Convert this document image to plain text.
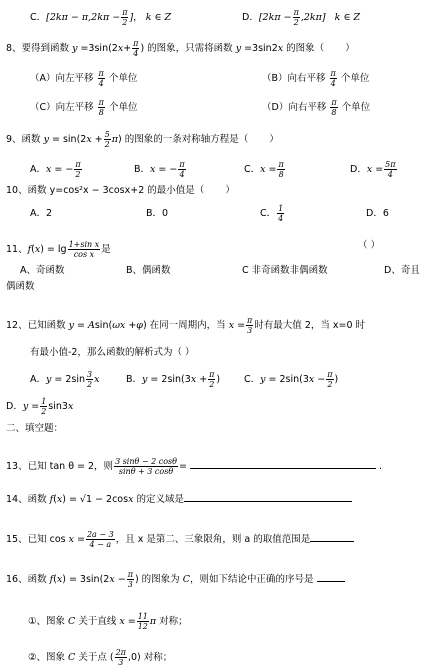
C．[$2k\pi - \pi,2k\pi - \frac{\pi}{2}$ ]， k ∈ Z	D．$[2k\pi - \frac{\pi}{2} ,2k\pi]$ k ∈ Z
8、要得到函数 $y =3\sin(2x+ \frac{\pi}{4}$ ) 的图象，只需将函数 y =3sin2x 的图象（       ）
（A）向左平移 $\frac{\pi}{4}$ 个单位	（B）向右平移 $\frac{\pi}{4}$ 个单位
（C）向左平移 $\frac{\pi}{8}$ 个单位	（D）向右平移 $\frac{\pi}{8}$ 个单位
9、函数 $y = \sin(2x + \frac{5}{2} \pi)$ 的图象的一条对称轴方程是（       ）
A．x = − $\frac{\pi}{2}$	B．x = − $\frac{\pi}{4}$	C．$x = \frac{\pi}{8}$	D．$x = \frac{5\pi}{4}$
10、函数 y=cos²x − 3cosx+2 的最小值是（       ）
A．2	B．0	C． $\frac{1}{4}$	D．6
11、$f(x) = \lg \frac{\text{1+sin x}}{\text{cos x}}$ 是	（ ）
A、奇函数	B、偶函数	C 非奇函数非偶函数	D、奇且
偶函数
12、已知函数 y = Asin(ωx +φ) 在同一周期内，当 $x = \frac{\pi}{3}$ 时有最大值 2，当 x=0 时
有最小值-2，那么函数的解析式为（ ）
A．$y = 2\sin \frac{3}{2}$ x	B．$y = 2\sin(3x + \frac{\pi}{2}$ )	C．$y = 2\sin(3x - \frac{\pi}{2}$ )
D．$y = \frac{1}{2} \sin 3x$
二、填空题：
13、已知 tan θ = 2，则 $\frac{3 \sin\theta - 2 \cos\theta}{\sin\theta + 3 \cos\theta}$ =	.
14、函数 f(x) = √1 − 2cosx 的定义域是
15、已知 $\cos x = \frac{2a - 3}{4 - a}$ ，且 x 是第二、三象限角，则 a 的取值范围是
16、函数 $f(x) = 3\sin(2x - \frac{\pi}{3}$ ) 的图象为 C，则如下结论中正确的序号是
①、图象 C 关于直线 $x = \frac{11}{12}$ π 对称；
②、图象 C 关于点 ( $\frac{2\pi}{3} ,0$) 对称；
